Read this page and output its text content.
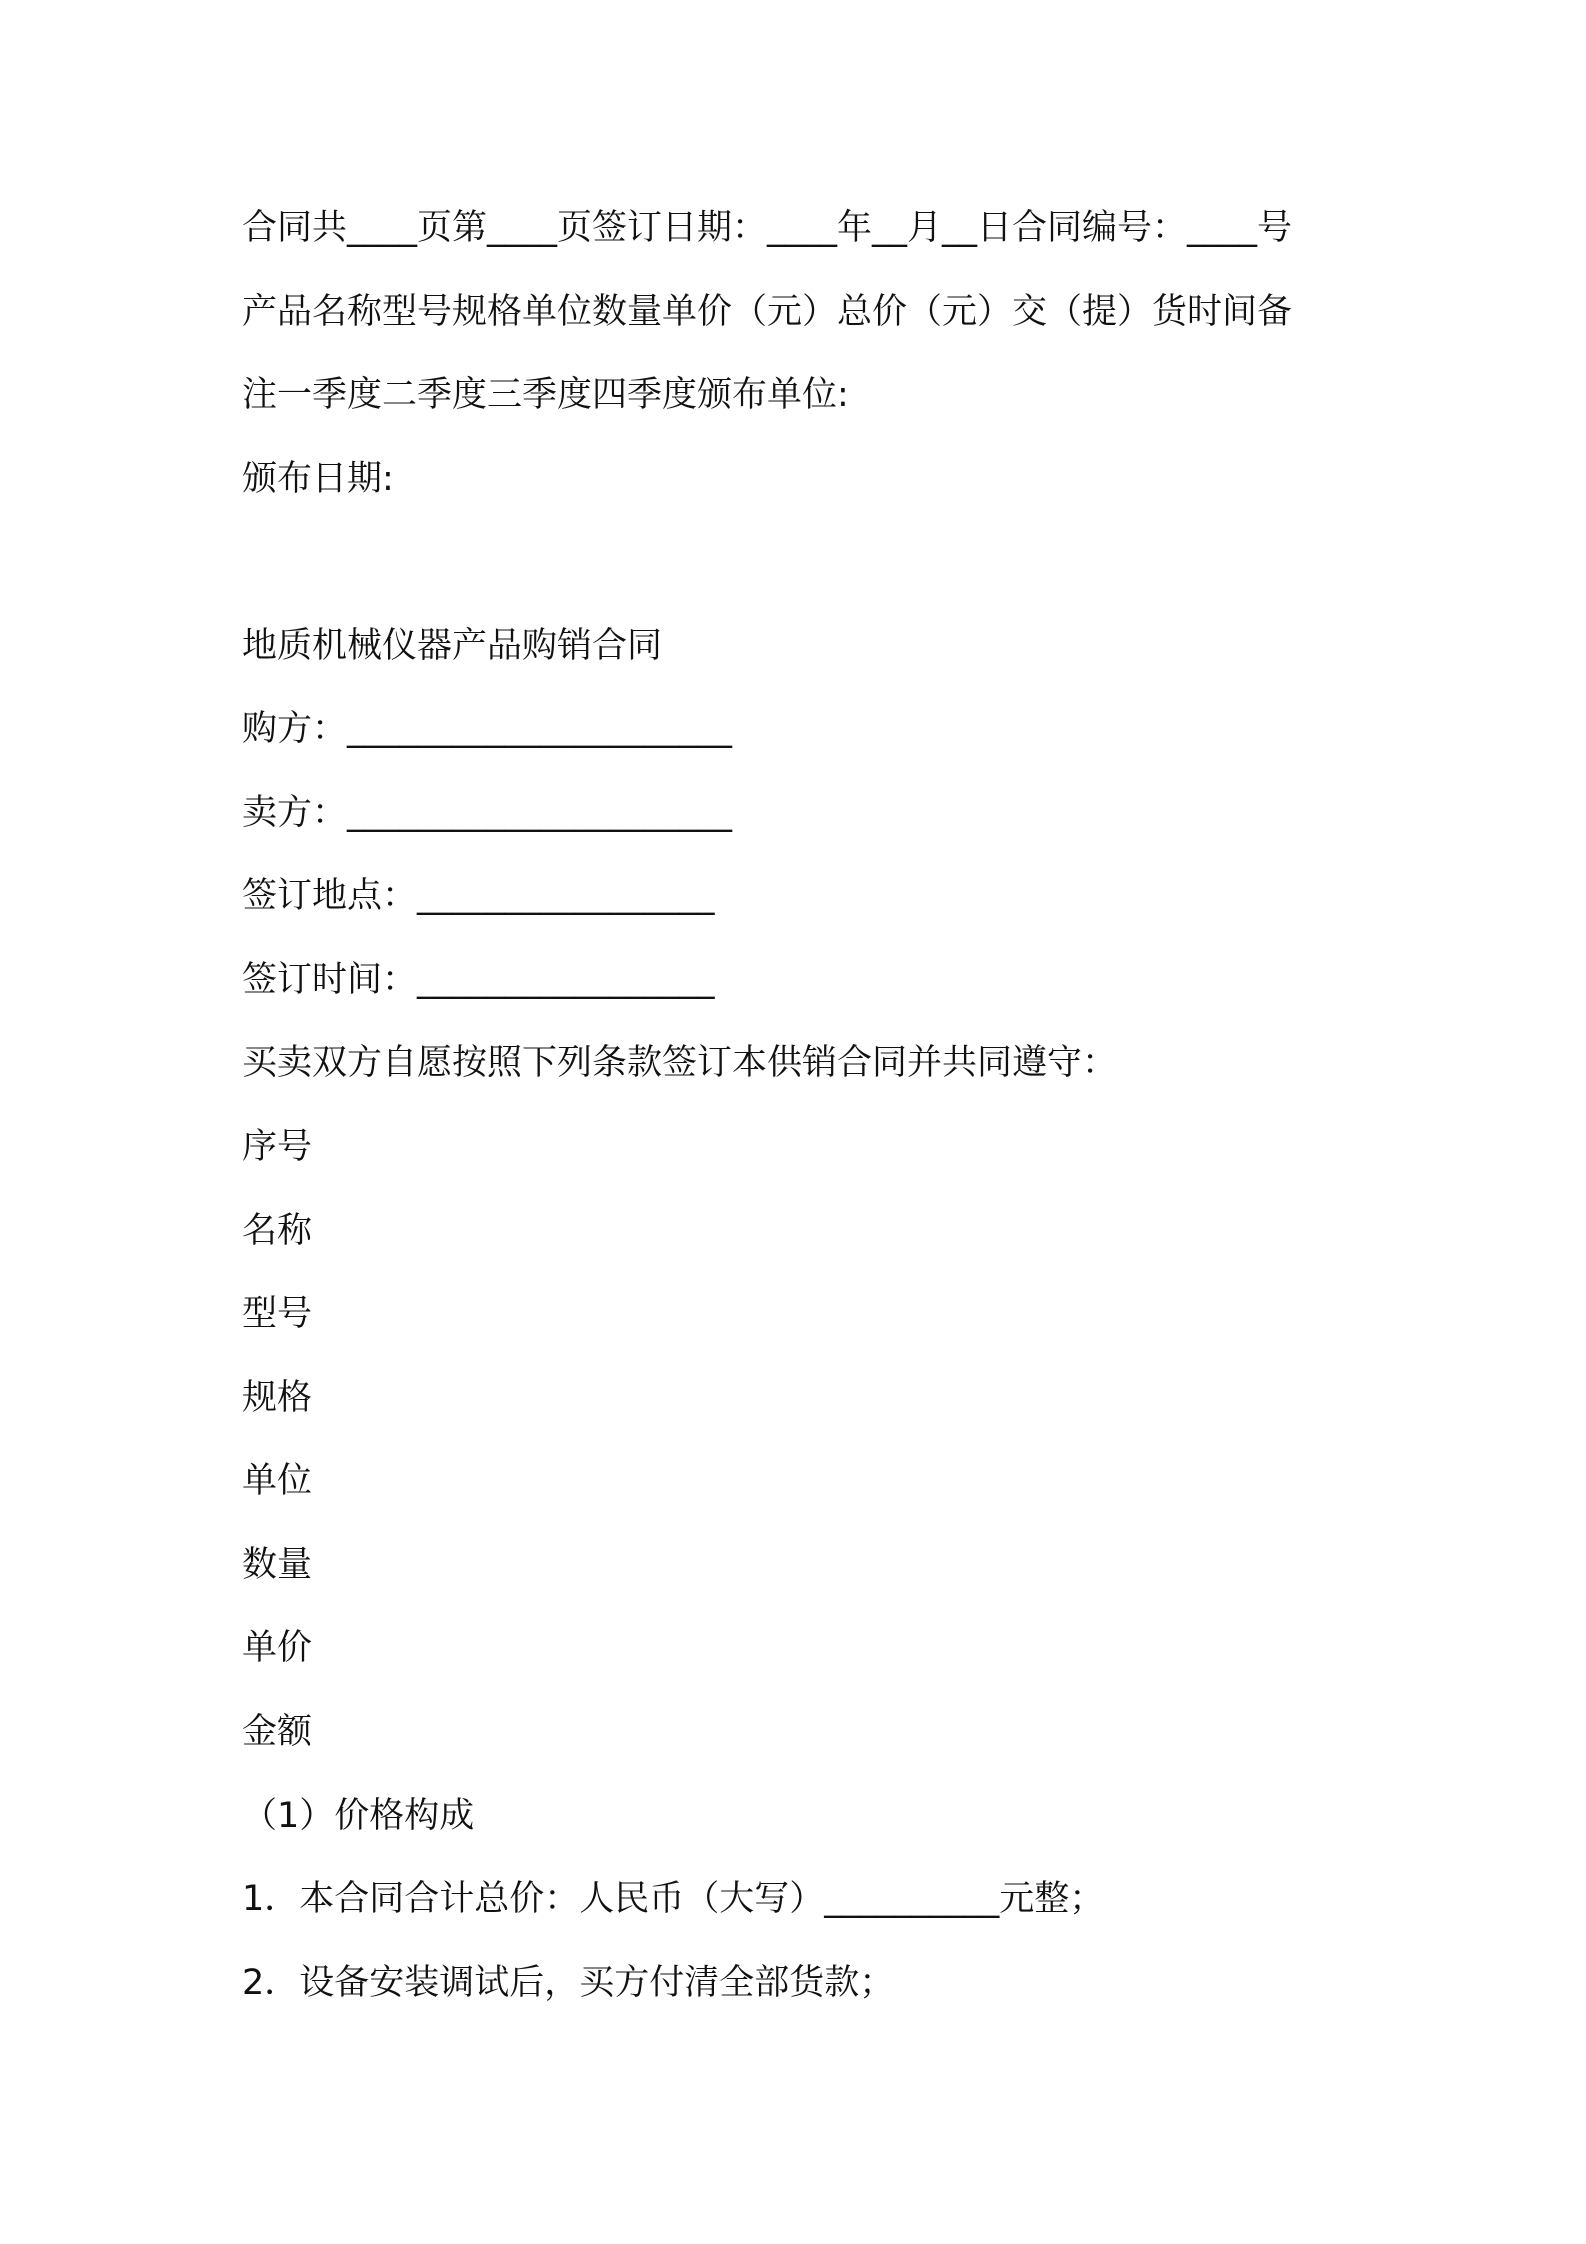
合同共____页第____页签订日期：____年__月__日合同编号：____号

产品名称型号规格单位数量单价（元）总价（元）交（提）货时间备

注一季度二季度三季度四季度颁布单位:

颁布日期:

地质机械仪器产品购销合同

购方：______________________

卖方：______________________

签订地点：_________________

签订时间：_________________

买卖双方自愿按照下列条款签订本供销合同并共同遵守：

序号

名称

型号

规格

单位

数量

单价

金额

（1）价格构成

1．本合同合计总价：人民币（大写）__________元整；

2．设备安装调试后，买方付清全部货款；
